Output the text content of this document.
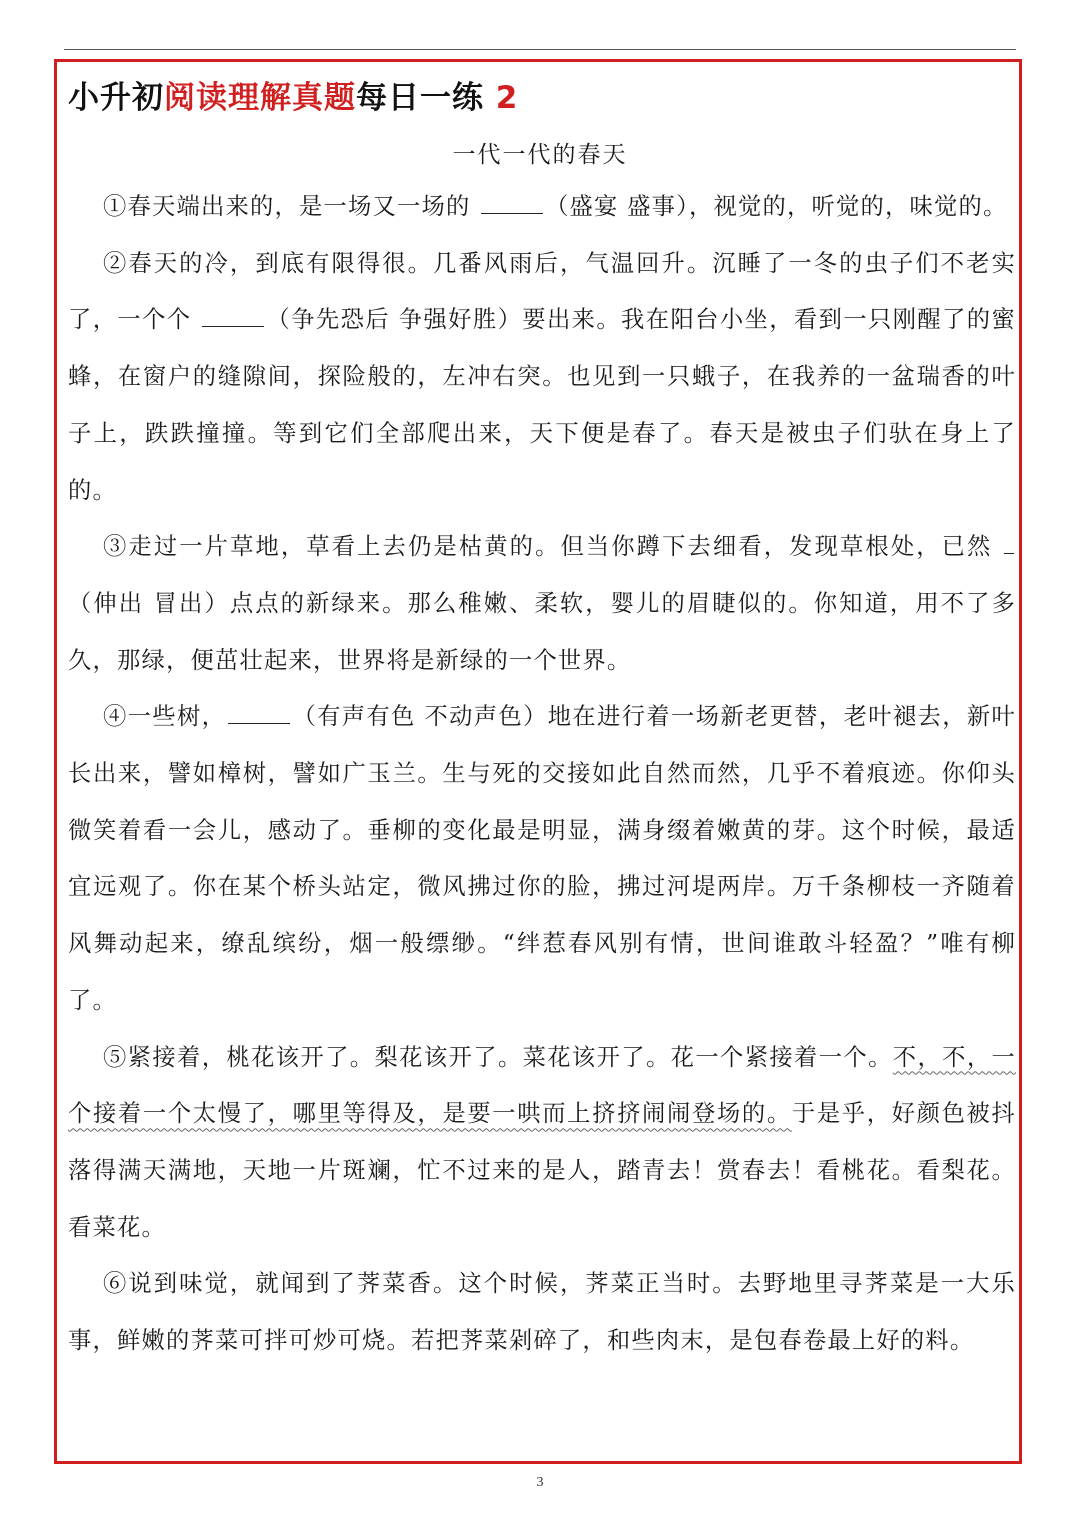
小升初阅读理解真题每日一练 2
一代一代的春天

①春天端出来的，是一场又一场的	（盛宴 盛事），视觉的，听觉的，味觉的。

②春天的冷，到底有限得很。几番风雨后，气温回升。沉睡了一冬的虫子们不老实了，一个个	（争先恐后 争强好胜）要出来。我在阳台小坐，看到一只刚醒了的蜜蜂，在窗户的缝隙间，探险般的，左冲右突。也见到一只蛾子，在我养的一盆瑞香的叶子上，跌跌撞撞。等到它们全部爬出来，天下便是春了。春天是被虫子们驮在身上了的。

③走过一片草地，草看上去仍是枯黄的。但当你蹲下去细看，发现草根处，已然 （伸出 冒出）点点的新绿来。那么稚嫩、柔软，婴儿的眉睫似的。你知道，用不了多久，那绿，便茁壮起来，世界将是新绿的一个世界。

④一些树，	（有声有色 不动声色）地在进行着一场新老更替，老叶褪去，新叶长出来，譬如樟树，譬如广玉兰。生与死的交接如此自然而然，几乎不着痕迹。你仰头微笑着看一会儿，感动了。垂柳的变化最是明显，满身缀着嫩黄的芽。这个时候，最适宜远观了。你在某个桥头站定，微风拂过你的脸，拂过河堤两岸。万千条柳枝一齐随着风舞动起来，缭乱缤纷，烟一般缥缈。“绊惹春风别有情，世间谁敢斗轻盈？”唯有柳了。

⑤紧接着，桃花该开了。梨花该开了。菜花该开了。花一个紧接着一个。不，不，一个接着一个太慢了，哪里等得及，是要一哄而上挤挤闹闹登场的。于是乎，好颜色被抖落得满天满地，天地一片斑斓，忙不过来的是人，踏青去！赏春去！看桃花。看梨花。看菜花。

⑥说到味觉，就闻到了荠菜香。这个时候，荠菜正当时。去野地里寻荠菜是一大乐事，鲜嫩的荠菜可拌可炒可烧。若把荠菜剁碎了，和些肉末，是包春卷最上好的料。

3
